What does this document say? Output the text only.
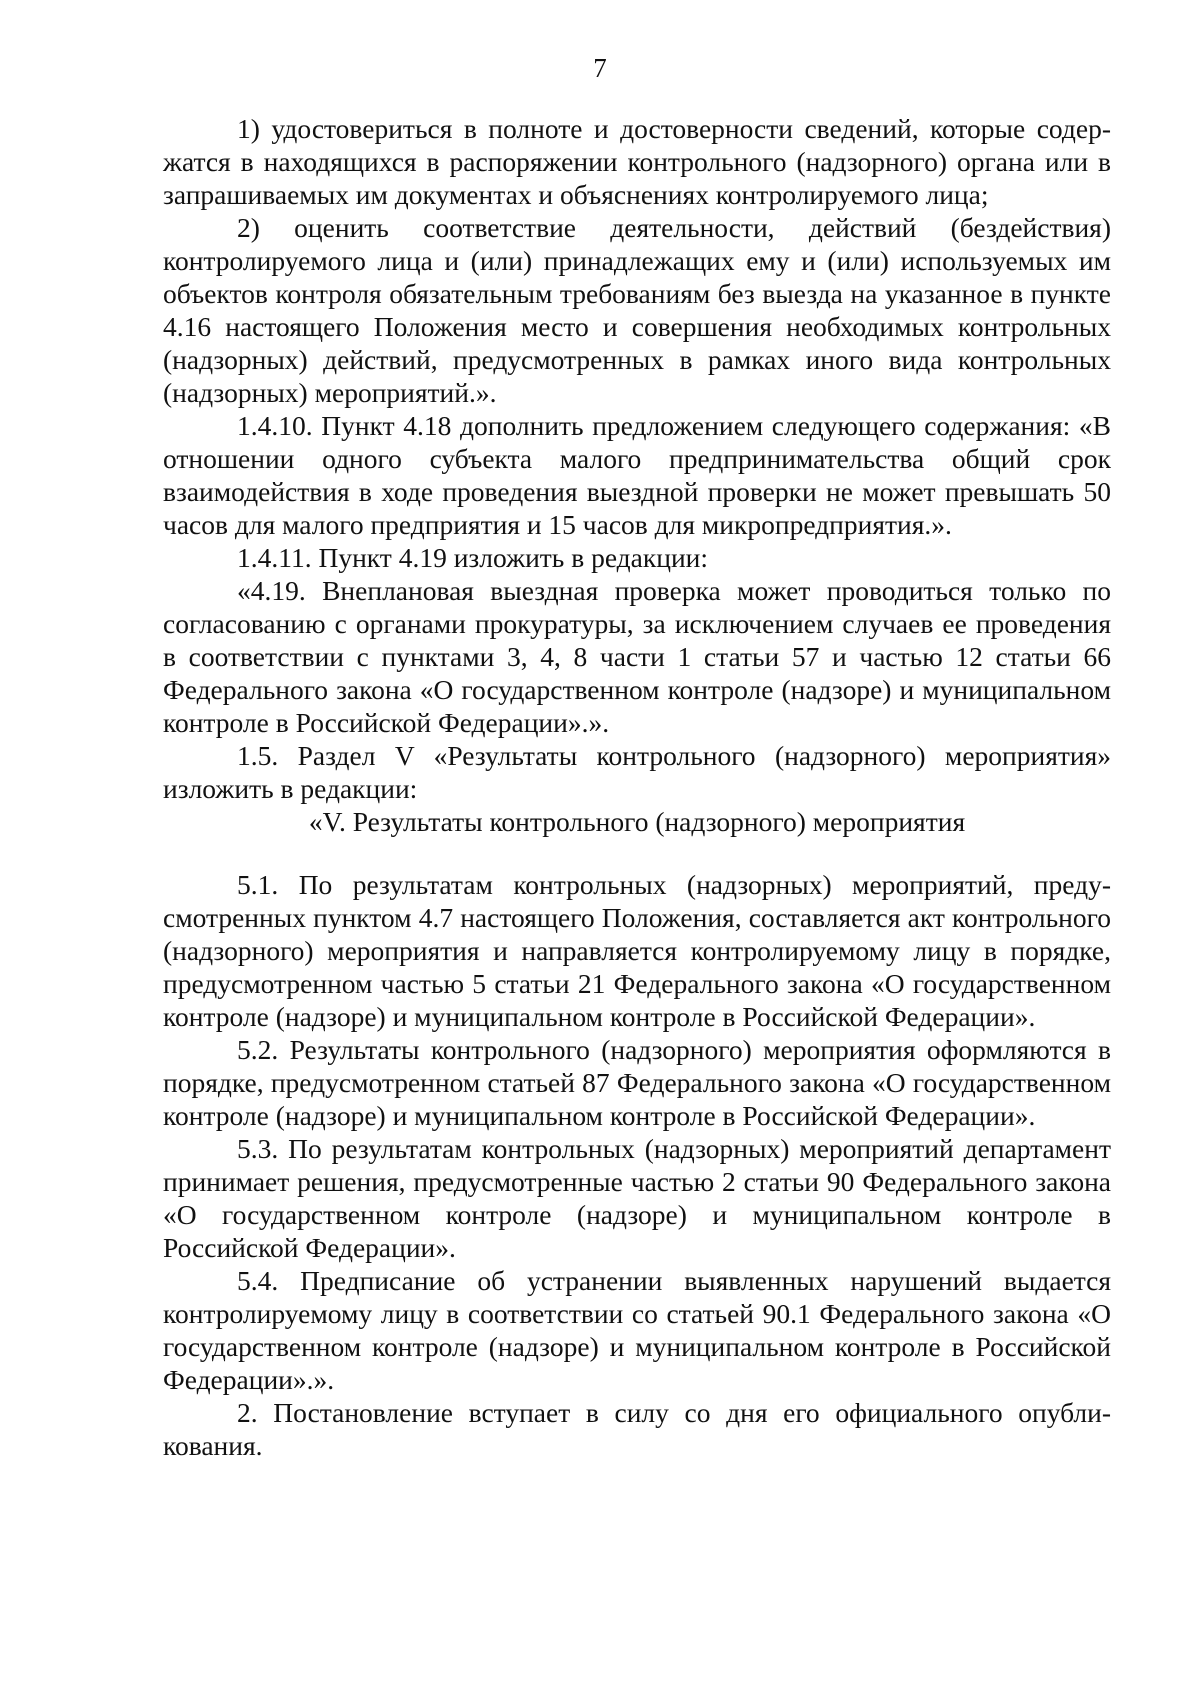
7

1) удостовериться в полноте и достоверности сведений, которые содержатся в находящихся в распоряжении контрольного (надзорного) органа или в запрашиваемых им документах и объяснениях контролируемого лица;

2) оценить соответствие деятельности, действий (бездействия) контролируемого лица и (или) принадлежащих ему и (или) используемых им объектов контроля обязательным требованиям без выезда на указанное в пункте 4.16 настоящего Положения место и совершения необходимых контрольных (надзорных) действий, предусмотренных в рамках иного вида контрольных (надзорных) мероприятий.».

1.4.10. Пункт 4.18 дополнить предложением следующего содержания: «В отношении одного субъекта малого предпринимательства общий срок взаимодействия в ходе проведения выездной проверки не может превышать 50 часов для малого предприятия и 15 часов для микропредприятия.».

1.4.11. Пункт 4.19 изложить в редакции:

«4.19. Внеплановая выездная проверка может проводиться только по согласованию с органами прокуратуры, за исключением случаев ее проведения в соответствии с пунктами 3, 4, 8 части 1 статьи 57 и частью 12 статьи 66 Федерального закона «О государственном контроле (надзоре) и муниципальном контроле в Российской Федерации».».

1.5. Раздел V «Результаты контрольного (надзорного) мероприятия» изложить в редакции:

«V. Результаты контрольного (надзорного) мероприятия

5.1. По результатам контрольных (надзорных) мероприятий, предусмотренных пунктом 4.7 настоящего Положения, составляется акт контрольного (надзорного) мероприятия и направляется контролируемому лицу в порядке, предусмотренном частью 5 статьи 21 Федерального закона «О государственном контроле (надзоре) и муниципальном контроле в Российской Федерации».

5.2. Результаты контрольного (надзорного) мероприятия оформляются в порядке, предусмотренном статьей 87 Федерального закона «О государственном контроле (надзоре) и муниципальном контроле в Российской Федерации».

5.3. По результатам контрольных (надзорных) мероприятий департамент принимает решения, предусмотренные частью 2 статьи 90 Федерального закона «О государственном контроле (надзоре) и муниципальном контроле в Российской Федерации».

5.4. Предписание об устранении выявленных нарушений выдается контролируемому лицу в соответствии со статьей 90.1 Федерального закона «О государственном контроле (надзоре) и муниципальном контроле в Российской Федерации».».

2. Постановление вступает в силу со дня его официального опубликования.
